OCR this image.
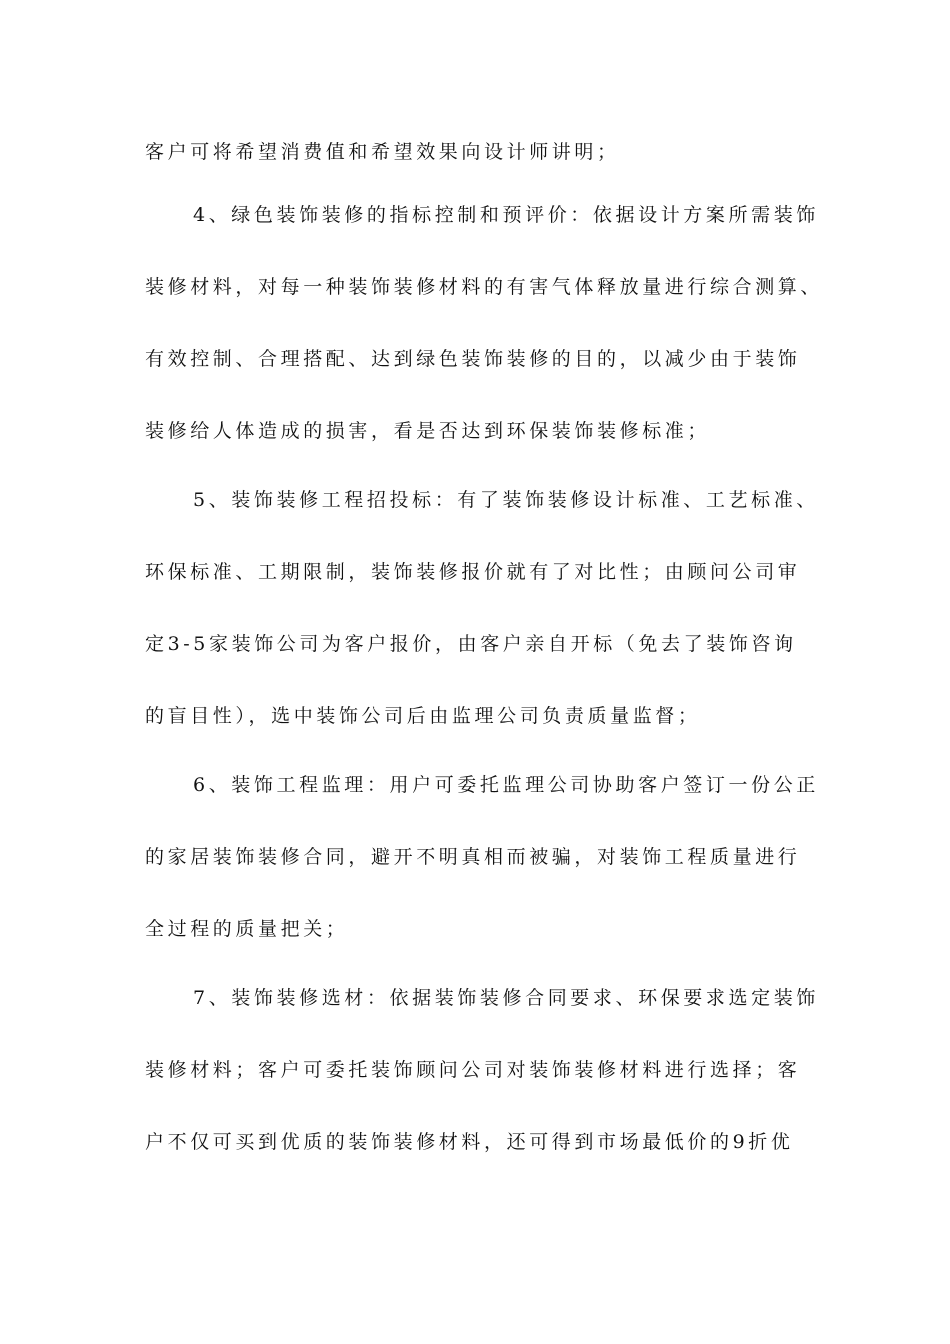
客户可将希望消费值和希望效果向设计师讲明；
4、绿色装饰装修的指标控制和预评价：依据设计方案所需装饰
装修材料，对每一种装饰装修材料的有害气体释放量进行综合测算、
有效控制、合理搭配、达到绿色装饰装修的目的，以减少由于装饰
装修给人体造成的损害，看是否达到环保装饰装修标准；
5、装饰装修工程招投标：有了装饰装修设计标准、工艺标准、
环保标准、工期限制，装饰装修报价就有了对比性；由顾问公司审
定3-5家装饰公司为客户报价，由客户亲自开标（免去了装饰咨询
的盲目性），选中装饰公司后由监理公司负责质量监督；
6、装饰工程监理：用户可委托监理公司协助客户签订一份公正
的家居装饰装修合同，避开不明真相而被骗，对装饰工程质量进行
全过程的质量把关；
7、装饰装修选材：依据装饰装修合同要求、环保要求选定装饰
装修材料；客户可委托装饰顾问公司对装饰装修材料进行选择；客
户不仅可买到优质的装饰装修材料，还可得到市场最低价的9折优
